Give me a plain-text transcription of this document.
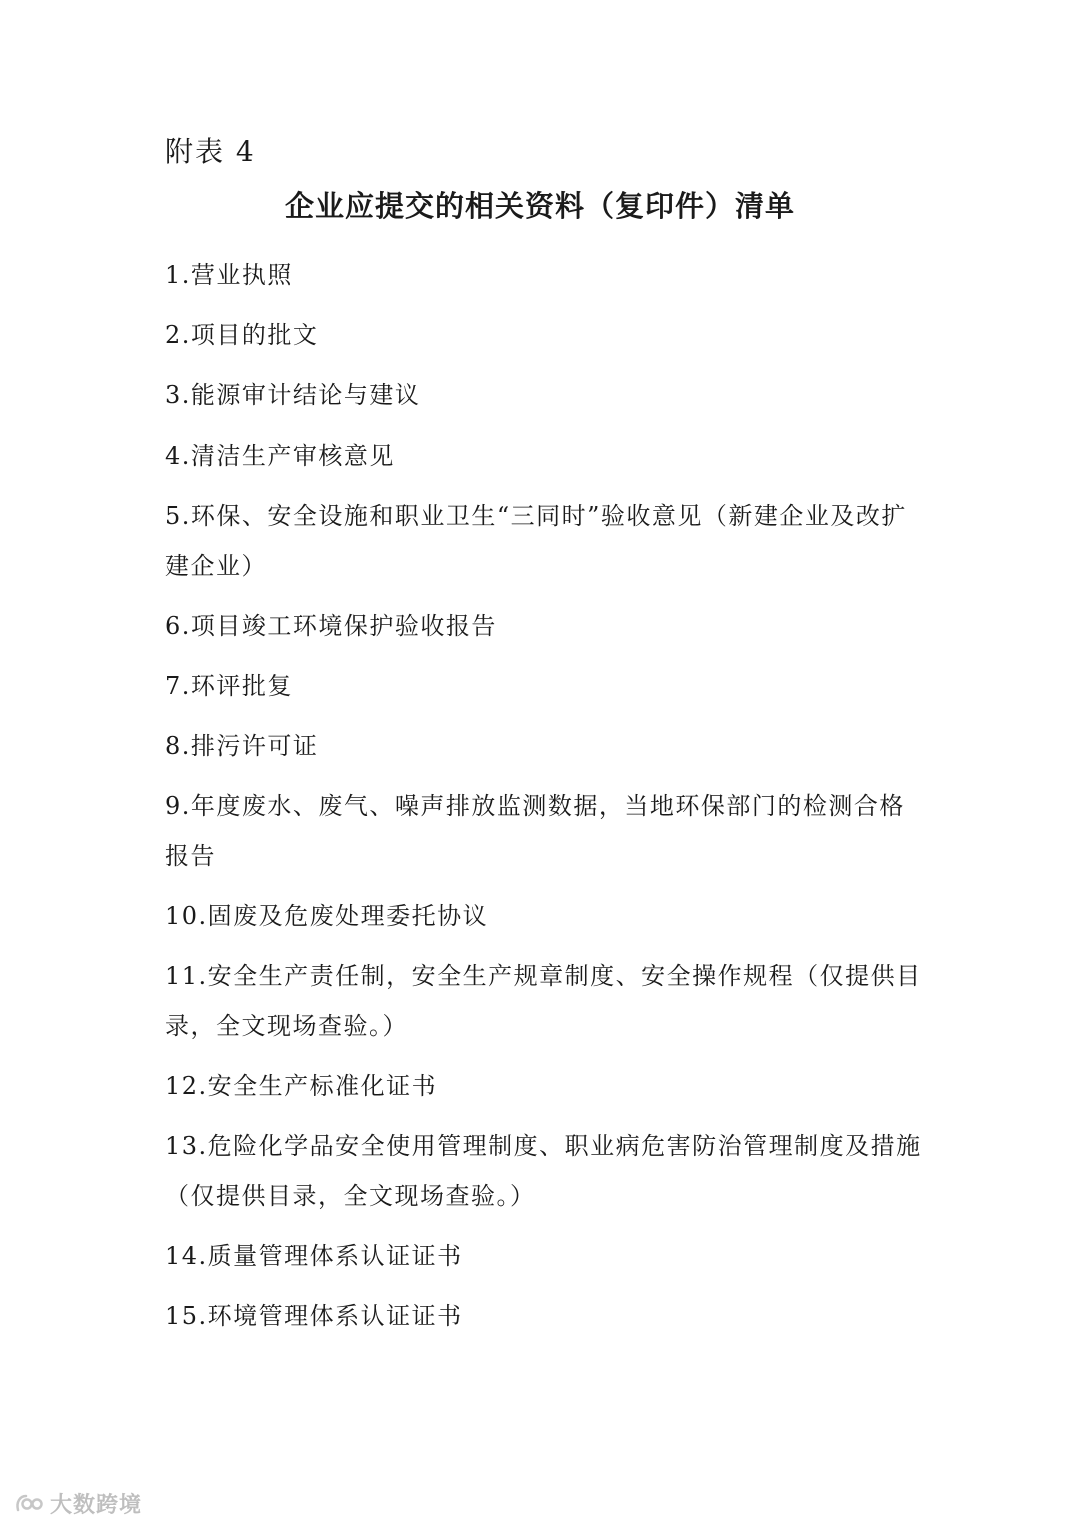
附表 4
企业应提交的相关资料（复印件）清单
1.营业执照
2.项目的批文
3.能源审计结论与建议
4.清洁生产审核意见
5.环保、安全设施和职业卫生“三同时”验收意见（新建企业及改扩建企业）
6.项目竣工环境保护验收报告
7.环评批复
8.排污许可证
9.年度废水、废气、噪声排放监测数据，当地环保部门的检测合格报告
10.固废及危废处理委托协议
11.安全生产责任制，安全生产规章制度、安全操作规程（仅提供目录，全文现场查验。）
12.安全生产标准化证书
13.危险化学品安全使用管理制度、职业病危害防治管理制度及措施（仅提供目录，全文现场查验。）
14.质量管理体系认证证书
15.环境管理体系认证证书
大数跨境
